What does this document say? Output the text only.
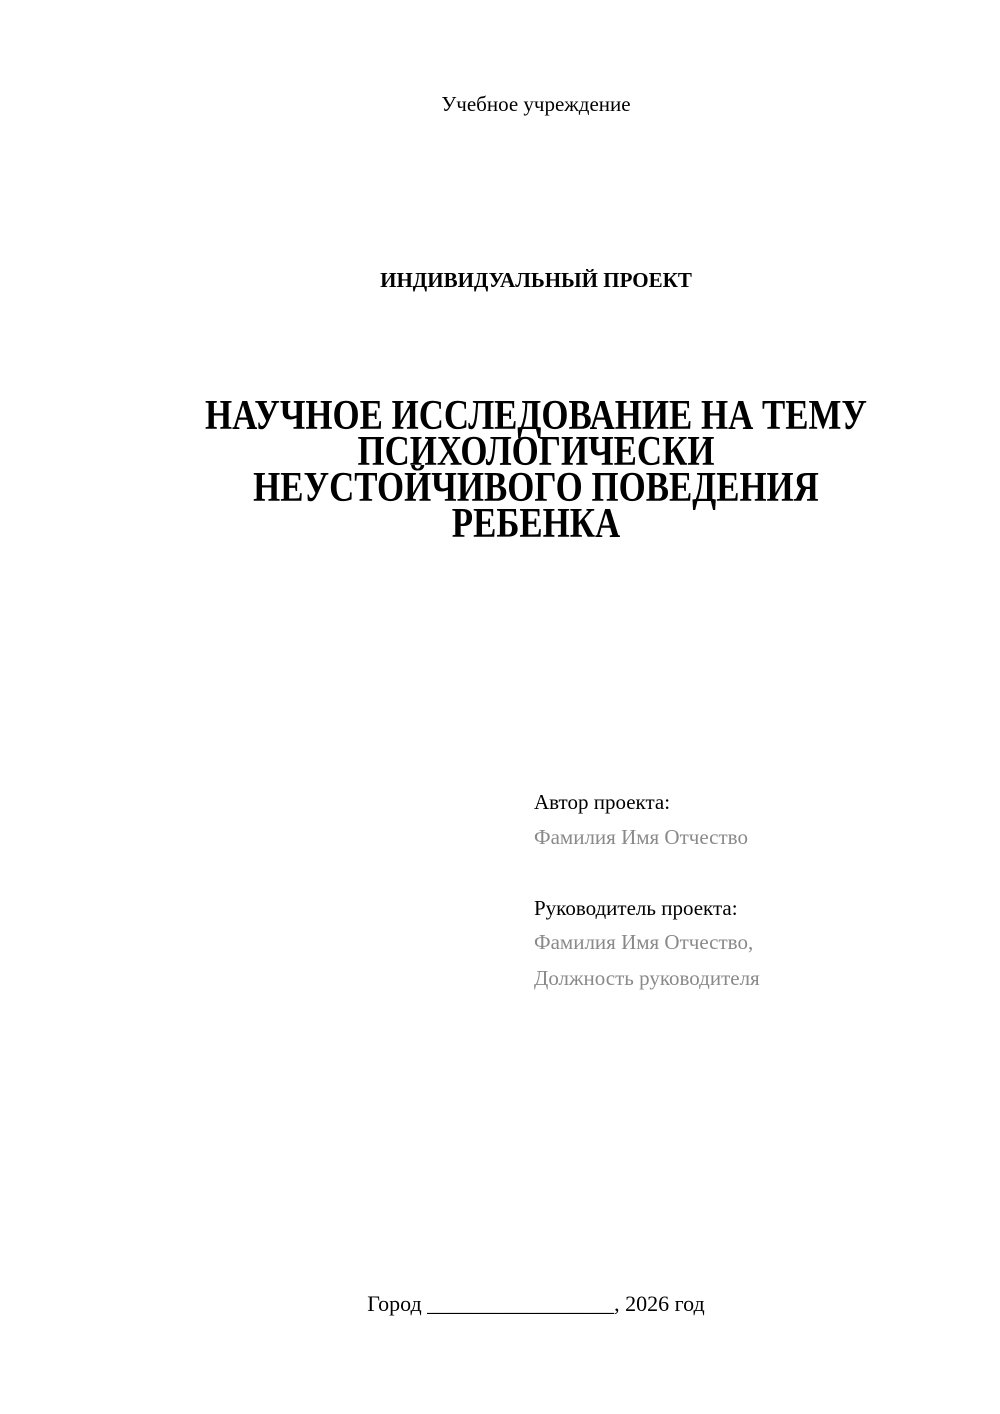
Учебное учреждение
ИНДИВИДУАЛЬНЫЙ ПРОЕКТ
НАУЧНОЕ ИССЛЕДОВАНИЕ НА ТЕМУ
ПСИХОЛОГИЧЕСКИ
НЕУСТОЙЧИВОГО ПОВЕДЕНИЯ
РЕБЕНКА
Автор проекта:
Фамилия Имя Отчество
Руководитель проекта:
Фамилия Имя Отчество,
Должность руководителя
Город _________________, 2026 год
